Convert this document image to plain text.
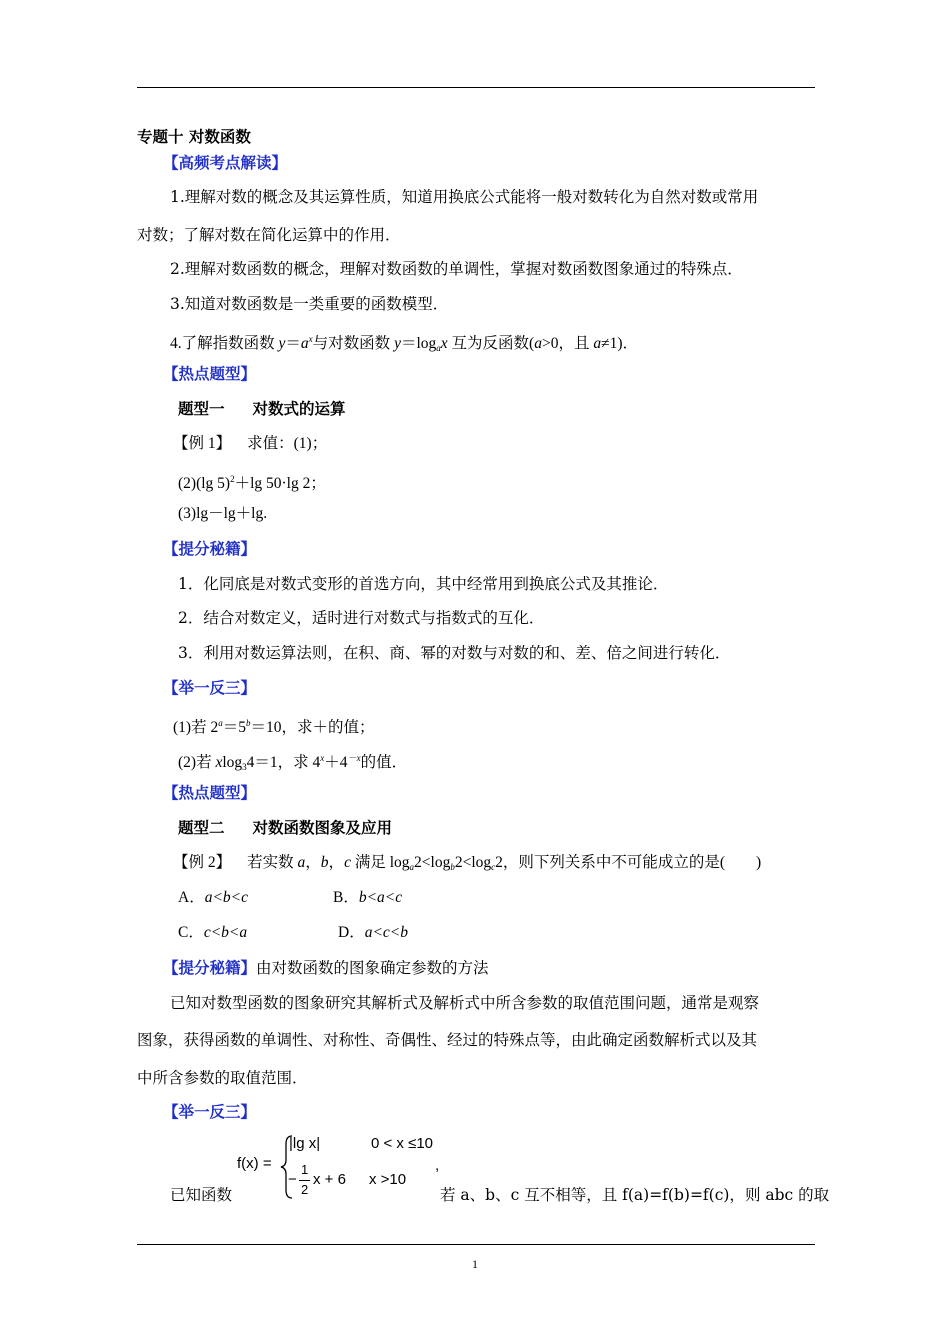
专题十 对数函数
【高频考点解读】
1.理解对数的概念及其运算性质，知道用换底公式能将一般对数转化为自然对数或常用
对数；了解对数在简化运算中的作用．
2.理解对数函数的概念，理解对数函数的单调性，掌握对数函数图象通过的特殊点．
3.知道对数函数是一类重要的函数模型．
4.了解指数函数 $y=a^x$与对数函数 $y=\log_ax$ 互为反函数(a>0，且 a≠1)．
【热点题型】
题型一 对数式的运算
【例 1】 求值：(1)；
(2)(lg 5)$^2$＋lg 50·lg 2；
(3)lg－lg＋lg.
【提分秘籍】
1．化同底是对数式变形的首选方向，其中经常用到换底公式及其推论．
2．结合对数定义，适时进行对数式与指数式的互化．
3．利用对数运算法则，在积、商、幂的对数与对数的和、差、倍之间进行转化．
【举一反三】
(1)若 $2^a=5^b=10$，求＋的值；
(2)若 xlog$_3$4＝1，求 $4^x+4^{-x}$的值．
【热点题型】
题型二 对数函数图象及应用
【例 2】 若实数 a，b，c 满足 $\log_a2<\log_b2<\log_c2$，则下列关系中不可能成立的是(　　)
A．a<b<c	B．b<a<c
C．c<b<a	D．a<c<b
【提分秘籍】由对数函数的图象确定参数的方法
已知对数型函数的图象研究其解析式及解析式中所含参数的取值范围问题，通常是观察
图象，获得函数的单调性、对称性、奇偶性、经过的特殊点等，由此确定函数解析式以及其
中所含参数的取值范围．
【举一反三】
f(x) =
|lg x|	0 < x ≤10
−
1
2
x + 6 x >10
,
已知函数	若 a、b、c 互不相等，且 f(a)=f(b)=f(c)，则 abc 的取
1
